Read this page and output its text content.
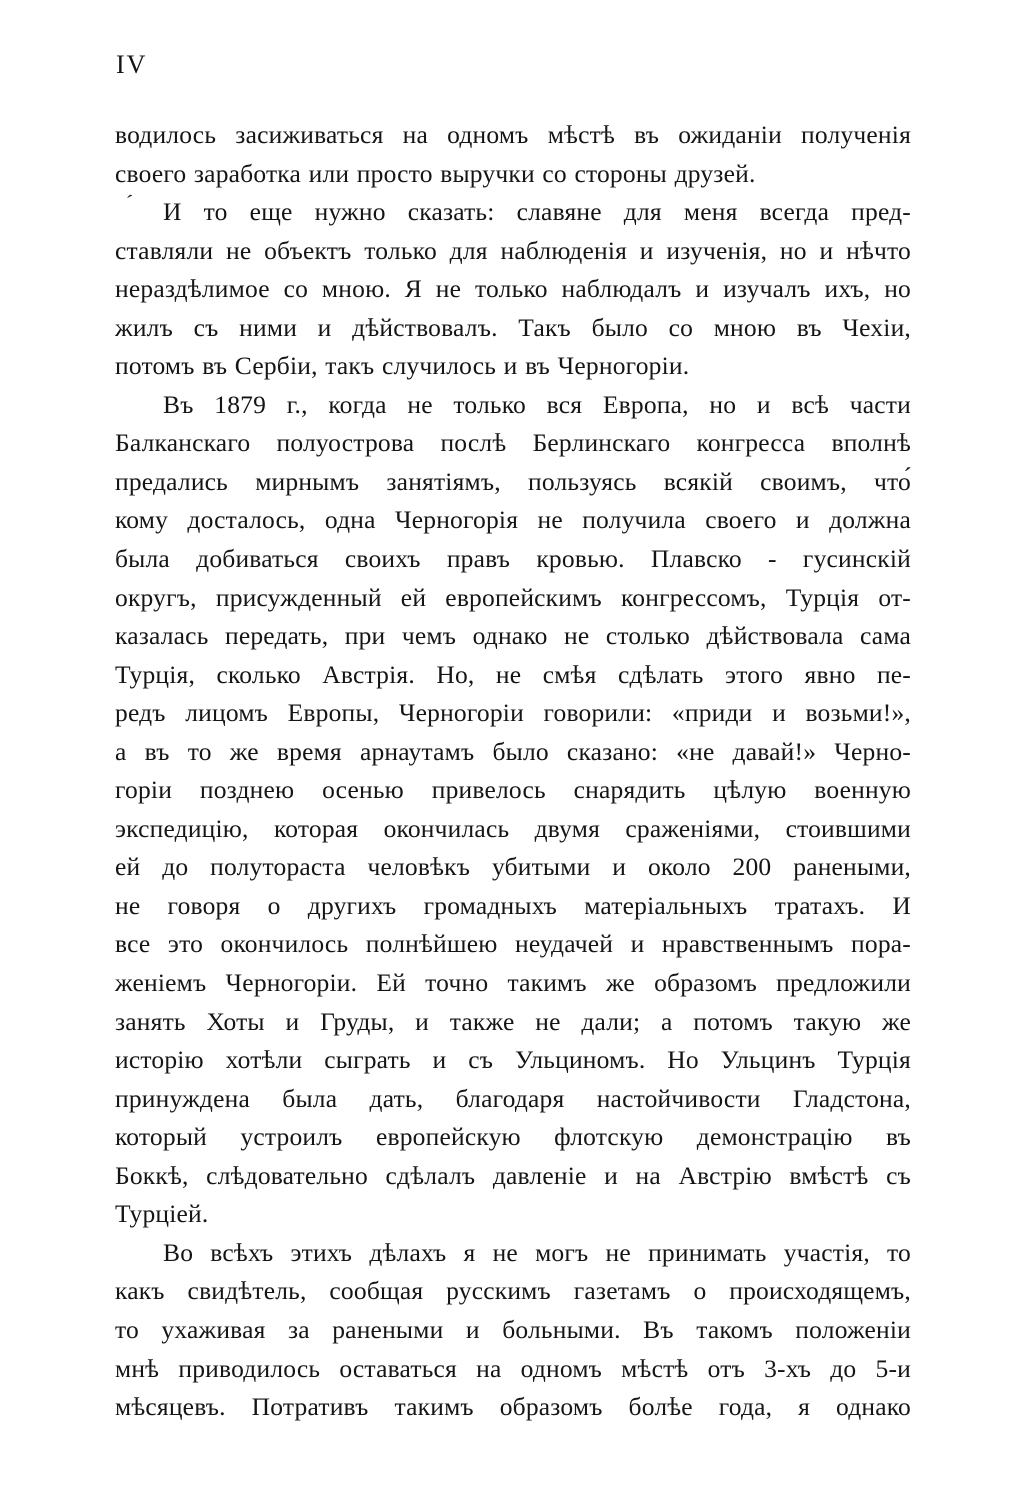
IV
´
водилось засиживаться на одномъ мѣстѣ въ ожиданіи полученія
своего заработка или просто выручки со стороны друзей.
И то еще нужно сказать: славяне для меня всегда пред-
ставляли не объектъ только для наблюденія и изученія, но и нѣчто
нераздѣлимое со мною. Я не только наблюдалъ и изучалъ ихъ, но
жилъ съ ними и дѣйствовалъ. Такъ было со мною въ Чехіи,
потомъ въ Сербіи, такъ случилось и въ Черногоріи.
Въ 1879 г., когда не только вся Европа, но и всѣ части
Балканскаго полуострова послѣ Берлинскаго конгресса вполнѣ
предались мирнымъ занятіямъ, пользуясь всякій своимъ, что́
кому досталось, одна Черногорія не получила своего и должна
была добиваться своихъ правъ кровью. Плавско - гусинскій
округъ, присужденный ей европейскимъ конгрессомъ, Турція от-
казалась передать, при чемъ однако не столько дѣйствовала сама
Турція, сколько Австрія. Но, не смѣя сдѣлать этого явно пе-
редъ лицомъ Европы, Черногоріи говорили: «приди и возьми!»,
а въ то же время арнаутамъ было сказано: «не давай!» Черно-
горіи позднею осенью привелось снарядить цѣлую военную
экспедицію, которая окончилась двумя сраженіями, стоившими
ей до полутораста человѣкъ убитыми и около 200 ранеными,
не говоря о другихъ громадныхъ матеріальныхъ тратахъ. И
все это окончилось полнѣйшею неудачей и нравственнымъ пора-
женіемъ Черногоріи. Ей точно такимъ же образомъ предложили
занять Хоты и Груды, и также не дали; а потомъ такую же
исторію хотѣли сыграть и съ Ульциномъ. Но Ульцинъ Турція
принуждена была дать, благодаря настойчивости Гладстона,
который устроилъ европейскую флотскую демонстрацію въ
Боккѣ, слѣдовательно сдѣлалъ давленіе и на Австрію вмѣстѣ съ
Турціей.
Во всѣхъ этихъ дѣлахъ я не могъ не принимать участія, то
какъ свидѣтель, сообщая русскимъ газетамъ о происходящемъ,
то ухаживая за ранеными и больными. Въ такомъ положеніи
мнѣ приводилось оставаться на одномъ мѣстѣ отъ 3-хъ до 5-и
мѣсяцевъ. Потративъ такимъ образомъ болѣе года, я однако
